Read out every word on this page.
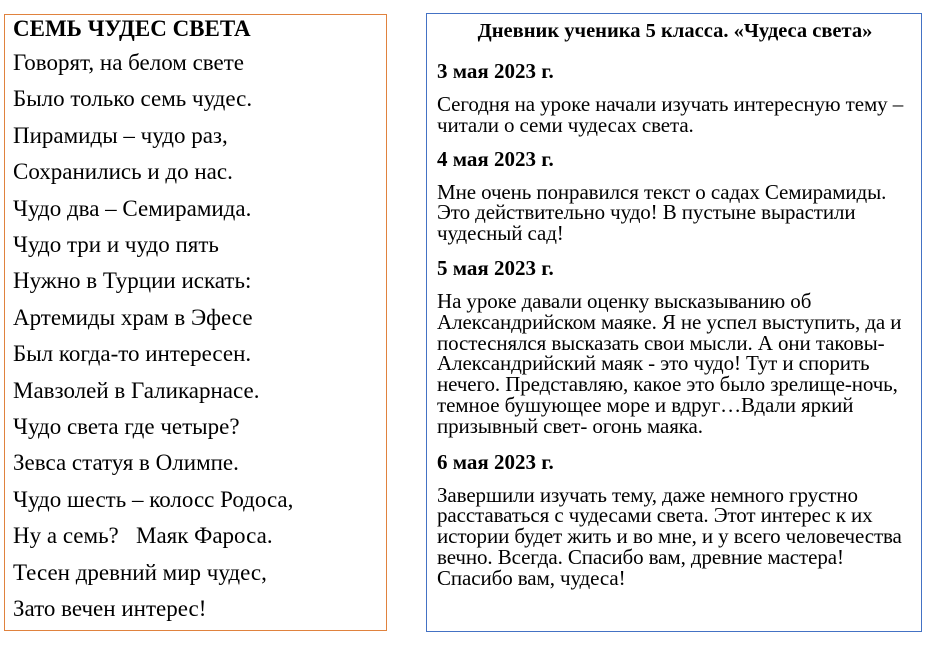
СЕМЬ ЧУДЕС СВЕТА
Говорят, на белом свете
Было только семь чудес.
Пирамиды – чудо раз,
Сохранились и до нас.
Чудо два – Семирамида.
Чудо три и чудо пять
Нужно в Турции искать:
Артемиды храм в Эфесе
Был когда-то интересен.
Мавзолей в Галикарнасе.
Чудо света где четыре?
Зевса статуя в Олимпе.
Чудо шесть – колосс Родоса,
Ну а семь?   Маяк Фароса.
Тесен древний мир чудес,
Зато вечен интерес!
Дневник ученика 5 класса. «Чудеса света»
3 мая 2023 г.

Сегодня на уроке начали изучать интересную тему – читали о семи чудесах света.

4 мая 2023 г.

Мне очень понравился текст о садах Семирамиды. Это действительно чудо! В пустыне вырастили чудесный сад!

5 мая 2023 г.

На уроке давали оценку высказыванию об Александрийском маяке. Я не успел выступить, да и постеснялся высказать свои мысли. А они таковы- Александрийский маяк - это чудо! Тут и спорить нечего. Представляю, какое это было зрелище-ночь, темное бушующее море и вдруг…Вдали яркий призывный свет- огонь маяка.

6 мая 2023 г.

Завершили изучать тему, даже немного грустно расставаться с чудесами света. Этот интерес к их истории будет жить и во мне, и у всего человечества вечно. Всегда. Спасибо вам, древние мастера! Спасибо вам, чудеса!
